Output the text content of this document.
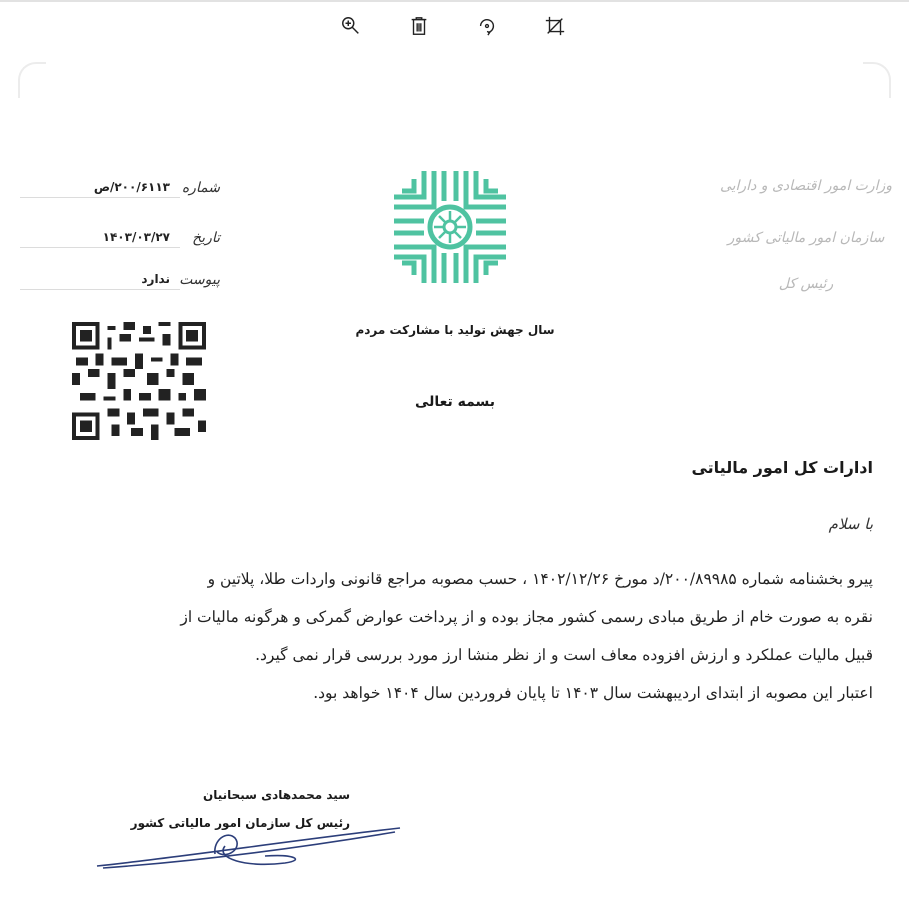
شماره
۲۰۰/۶۱۱۳/ص
تاریخ
۱۴۰۳/۰۳/۲۷
پیوست
ندارد
وزارت امور اقتصادی و دارایی
سازمان امور مالیاتی کشور
رئیس کل
سال جهش تولید با مشارکت مردم
بسمه تعالی
ادارات کل امور مالیاتی
با سلام
پیرو بخشنامه شماره ۲۰۰/۸۹۹۸۵/د مورخ ۱۴۰۲/۱۲/۲۶ ، حسب مصوبه مراجع قانونی واردات طلا، پلاتین و
نقره به صورت خام از طریق مبادی رسمی کشور مجاز بوده و از پرداخت عوارض گمرکی و هرگونه مالیات از
قبیل مالیات عملکرد و ارزش افزوده معاف است و از نظر منشا ارز مورد بررسی قرار نمی گیرد.
اعتبار این مصوبه از ابتدای اردیبهشت سال ۱۴۰۳ تا پایان فروردین سال ۱۴۰۴ خواهد بود.
سید محمدهادی سبحانیان
رئیس کل سازمان امور مالیاتی کشور
